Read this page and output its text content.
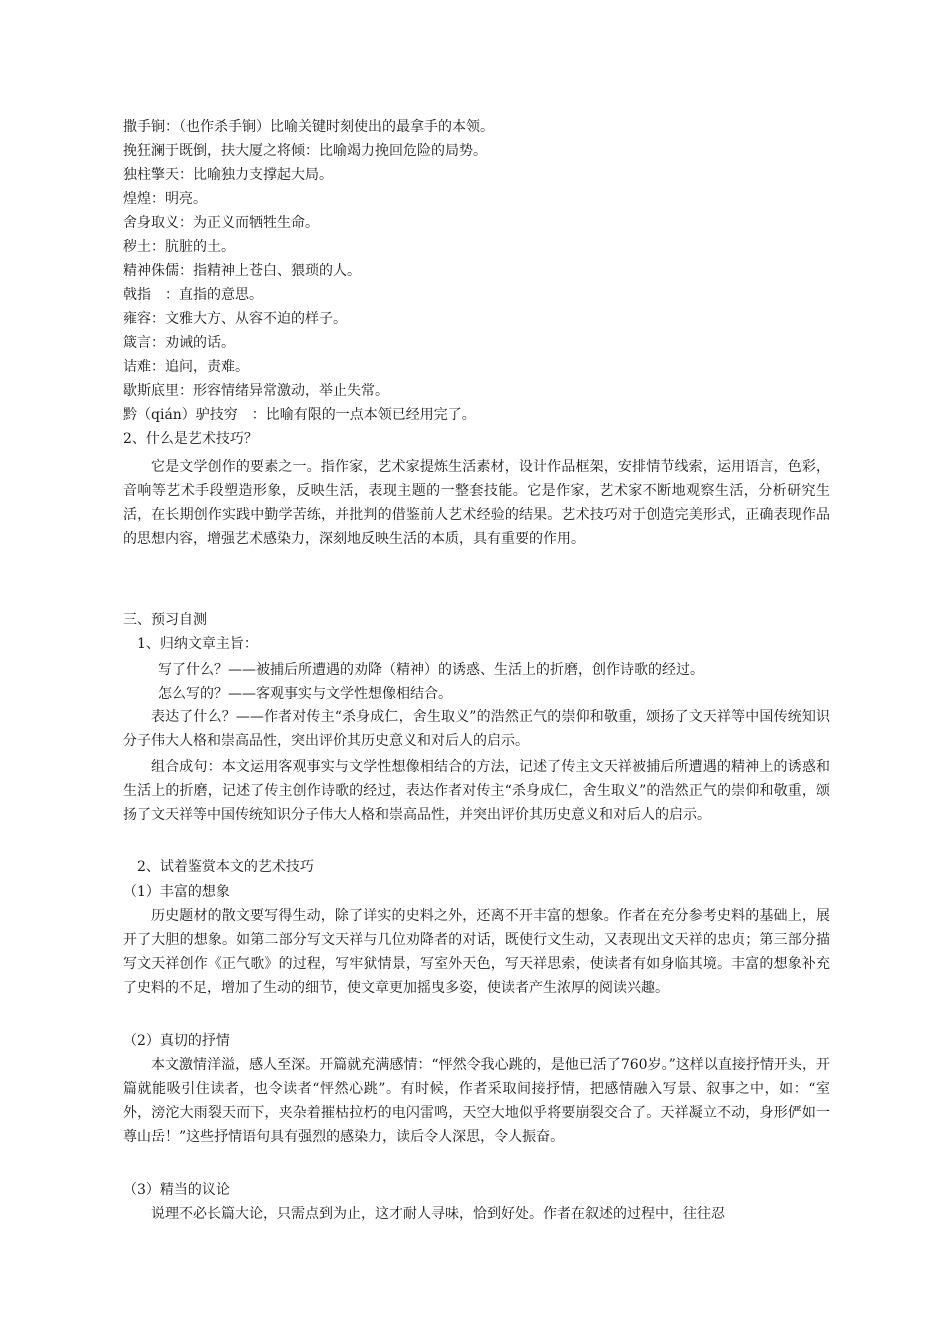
撒手锏：（也作杀手锏）比喻关键时刻使出的最拿手的本领。
挽狂澜于既倒，扶大厦之将倾：比喻竭力挽回危险的局势。
独柱擎天：比喻独力支撑起大局。
煌煌：明亮。
舍身取义：为正义而牺牲生命。
秽土：肮脏的土。
精神侏儒：指精神上苍白、猥琐的人。
戟指　：直指的意思。
雍容：文雅大方、从容不迫的样子。
箴言：劝诫的话。
诘难：追问，责难。
歇斯底里：形容情绪异常激动，举止失常。
黔（qián）驴技穷　：比喻有限的一点本领已经用完了。
2、什么是艺术技巧？
它是文学创作的要素之一。指作家，艺术家提炼生活素材，设计作品框架，安排情节线索，运用语言，色彩，音响等艺术手段塑造形象，反映生活，表现主题的一整套技能。它是作家，艺术家不断地观察生活，分析研究生活，在长期创作实践中勤学苦练，并批判的借鉴前人艺术经验的结果。艺术技巧对于创造完美形式，正确表现作品的思想内容，增强艺术感染力，深刻地反映生活的本质，具有重要的作用。
三、预习自测
1、归纳文章主旨：
写了什么？——被捕后所遭遇的劝降（精神）的诱惑、生活上的折磨，创作诗歌的经过。
怎么写的？——客观事实与文学性想像相结合。
表达了什么？——作者对传主“杀身成仁，舍生取义”的浩然正气的崇仰和敬重，颂扬了文天祥等中国传统知识分子伟大人格和崇高品性，突出评价其历史意义和对后人的启示。
组合成句：本文运用客观事实与文学性想像相结合的方法，记述了传主文天祥被捕后所遭遇的精神上的诱惑和生活上的折磨，记述了传主创作诗歌的经过，表达作者对传主“杀身成仁，舍生取义”的浩然正气的崇仰和敬重，颂扬了文天祥等中国传统知识分子伟大人格和崇高品性，并突出评价其历史意义和对后人的启示。
2、试着鉴赏本文的艺术技巧
（1）丰富的想象
历史题材的散文要写得生动，除了详实的史料之外，还离不开丰富的想象。作者在充分参考史料的基础上，展开了大胆的想象。如第二部分写文天祥与几位劝降者的对话，既使行文生动，又表现出文天祥的忠贞；第三部分描写文天祥创作《正气歌》的过程，写牢狱情景，写室外天色，写天祥思索，使读者有如身临其境。丰富的想象补充了史料的不足，增加了生动的细节，使文章更加摇曳多姿，使读者产生浓厚的阅读兴趣。
（2）真切的抒情
本文激情洋溢，感人至深。开篇就充满感情：“怦然令我心跳的，是他已活了760岁。”这样以直接抒情开头，开篇就能吸引住读者，也令读者“怦然心跳”。有时候，作者采取间接抒情，把感情融入写景、叙事之中，如：“室外，滂沱大雨裂天而下，夹杂着摧枯拉朽的电闪雷鸣，天空大地似乎将要崩裂交合了。天祥凝立不动，身形俨如一尊山岳！”这些抒情语句具有强烈的感染力，读后令人深思，令人振奋。
（3）精当的议论
说理不必长篇大论，只需点到为止，这才耐人寻味，恰到好处。作者在叙述的过程中，往往忍
